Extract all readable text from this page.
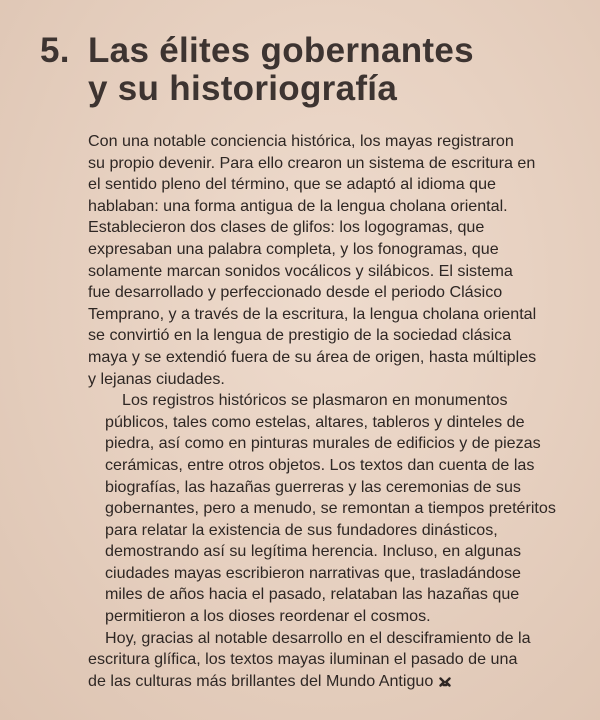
5. Las élites gobernantes
y su historiografía

Con una notable conciencia histórica, los mayas registraron
su propio devenir. Para ello crearon un sistema de escritura en
el sentido pleno del término, que se adaptó al idioma que
hablaban: una forma antigua de la lengua cholana oriental.
Establecieron dos clases de glifos: los logogramas, que
expresaban una palabra completa, y los fonogramas, que
solamente marcan sonidos vocálicos y silábicos. El sistema
fue desarrollado y perfeccionado desde el periodo Clásico
Temprano, y a través de la escritura, la lengua cholana oriental
se convirtió en la lengua de prestigio de la sociedad clásica
maya y se extendió fuera de su área de origen, hasta múltiples
y lejanas ciudades.

Los registros históricos se plasmaron en monumentos
públicos, tales como estelas, altares, tableros y dinteles de
piedra, así como en pinturas murales de edificios y de piezas
cerámicas, entre otros objetos. Los textos dan cuenta de las
biografías, las hazañas guerreras y las ceremonias de sus
gobernantes, pero a menudo, se remontan a tiempos pretéritos
para relatar la existencia de sus fundadores dinásticos,
demostrando así su legítima herencia. Incluso, en algunas
ciudades mayas escribieron narrativas que, trasladándose
miles de años hacia el pasado, relataban las hazañas que
permitieron a los dioses reordenar el cosmos.

Hoy, gracias al notable desarrollo en el desciframiento de la
escritura glífica, los textos mayas iluminan el pasado de una
de las culturas más brillantes del Mundo Antiguo
